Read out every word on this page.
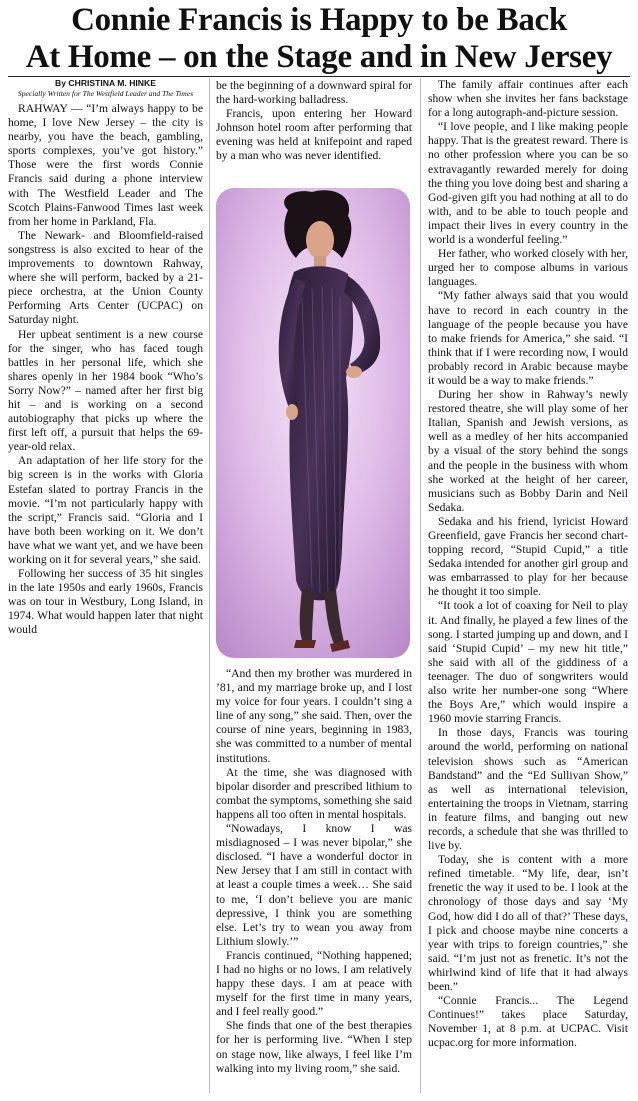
Connie Francis is Happy to be Back
At Home – on the Stage and in New Jersey
By CHRISTINA M. HINKE
Specially Written for The Westfield Leader and The Times

RAHWAY — “I’m always happy to be home, I love New Jersey – the city is nearby, you have the beach, gambling, sports complexes, you’ve got history.” Those were the first words Connie Francis said during a phone interview with The Westfield Leader and The Scotch Plains-Fanwood Times last week from her home in Parkland, Fla.

The Newark- and Bloomfield-raised songstress is also excited to hear of the improvements to downtown Rahway, where she will perform, backed by a 21-piece orchestra, at the Union County Performing Arts Center (UCPAC) on Saturday night.

Her upbeat sentiment is a new course for the singer, who has faced tough battles in her personal life, which she shares openly in her 1984 book “Who’s Sorry Now?” – named after her first big hit – and is working on a second autobiography that picks up where the first left off, a pursuit that helps the 69-year-old relax.

An adaptation of her life story for the big screen is in the works with Gloria Estefan slated to portray Francis in the movie. “I’m not particularly happy with the script,” Francis said. “Gloria and I have both been working on it. We don’t have what we want yet, and we have been working on it for several years,” she said.

Following her success of 35 hit singles in the late 1950s and early 1960s, Francis was on tour in Westbury, Long Island, in 1974. What would happen later that night would

be the beginning of a downward spiral for the hard-working balladress.

Francis, upon entering her Howard Johnson hotel room after performing that evening was held at knifepoint and raped by a man who was never identified.

“And then my brother was murdered in ’81, and my marriage broke up, and I lost my voice for four years. I couldn’t sing a line of any song,” she said. Then, over the course of nine years, beginning in 1983, she was committed to a number of mental institutions.

At the time, she was diagnosed with bipolar disorder and prescribed lithium to combat the symptoms, something she said happens all too often in mental hospitals.

“Nowadays, I know I was misdiagnosed – I was never bipolar,” she disclosed. “I have a wonderful doctor in New Jersey that I am still in contact with at least a couple times a week… She said to me, ‘I don’t believe you are manic depressive, I think you are something else. Let’s try to wean you away from Lithium slowly.’”

Francis continued, “Nothing happened; I had no highs or no lows. I am relatively happy these days. I am at peace with myself for the first time in many years, and I feel really good.”

She finds that one of the best therapies for her is performing live. “When I step on stage now, like always, I feel like I’m walking into my living room,” she said.

The family affair continues after each show when she invites her fans backstage for a long autograph-and-picture session.

“I love people, and I like making people happy. That is the greatest reward. There is no other profession where you can be so extravagantly rewarded merely for doing the thing you love doing best and sharing a God-given gift you had nothing at all to do with, and to be able to touch people and impact their lives in every country in the world is a wonderful feeling.”

Her father, who worked closely with her, urged her to compose albums in various languages.

“My father always said that you would have to record in each country in the language of the people because you have to make friends for America,” she said. “I think that if I were recording now, I would probably record in Arabic because maybe it would be a way to make friends.”

During her show in Rahway’s newly restored theatre, she will play some of her Italian, Spanish and Jewish versions, as well as a medley of her hits accompanied by a visual of the story behind the songs and the people in the business with whom she worked at the height of her career, musicians such as Bobby Darin and Neil Sedaka.

Sedaka and his friend, lyricist Howard Greenfield, gave Francis her second chart-topping record, “Stupid Cupid,” a title Sedaka intended for another girl group and was embarrassed to play for her because he thought it too simple.

“It took a lot of coaxing for Neil to play it. And finally, he played a few lines of the song. I started jumping up and down, and I said ‘Stupid Cupid’ – my new hit title,” she said with all of the giddiness of a teenager. The duo of songwriters would also write her number-one song “Where the Boys Are,” which would inspire a 1960 movie starring Francis.

In those days, Francis was touring around the world, performing on national television shows such as “American Bandstand” and the “Ed Sullivan Show,” as well as international television, entertaining the troops in Vietnam, starring in feature films, and banging out new records, a schedule that she was thrilled to live by.

Today, she is content with a more refined timetable. “My life, dear, isn’t frenetic the way it used to be. I look at the chronology of those days and say ‘My God, how did I do all of that?’ These days, I pick and choose maybe nine concerts a year with trips to foreign countries,” she said. “I’m just not as frenetic. It’s not the whirlwind kind of life that it had always been.”

“Connie Francis... The Legend Continues!” takes place Saturday, November 1, at 8 p.m. at UCPAC. Visit ucpac.org for more information.
